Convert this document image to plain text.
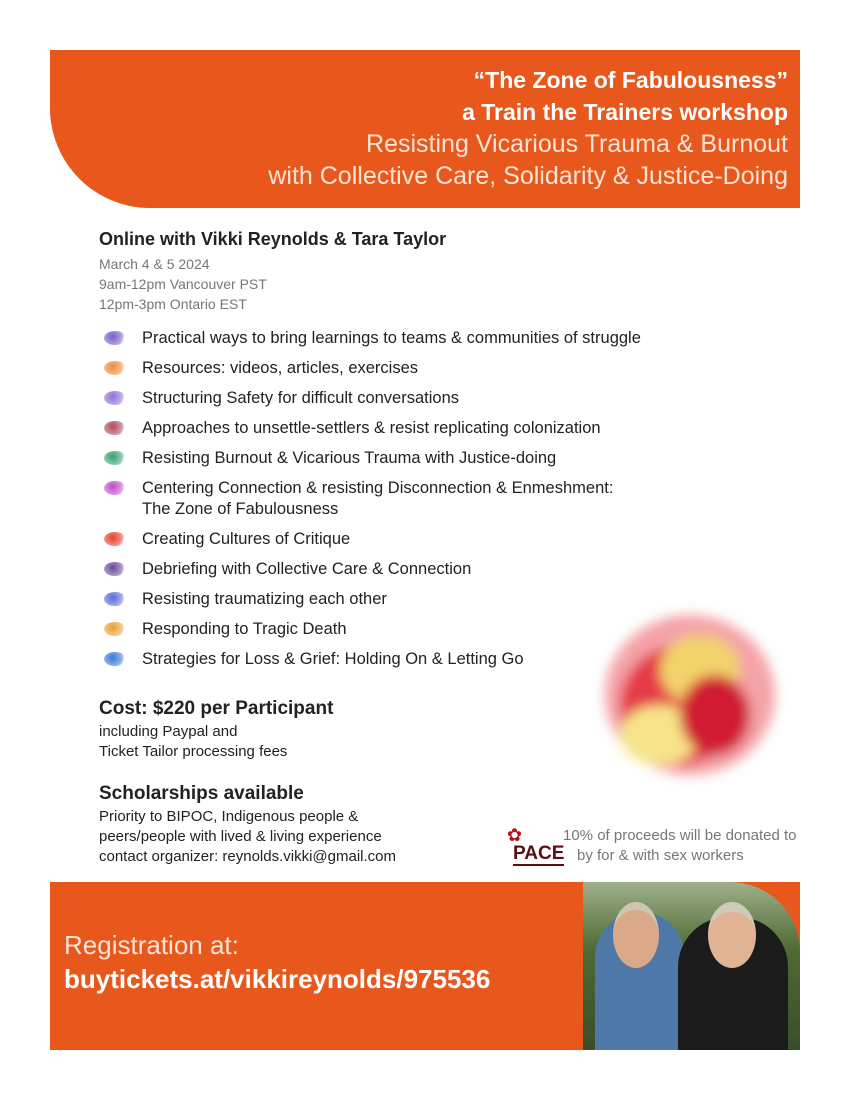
“The Zone of Fabulousness”
a Train the Trainers workshop
Resisting Vicarious Trauma & Burnout
with Collective Care, Solidarity & Justice-Doing
Online with Vikki Reynolds & Tara Taylor
March 4 & 5 2024
9am-12pm Vancouver PST
12pm-3pm Ontario EST
Practical ways to bring learnings to teams & communities of struggle
Resources: videos, articles, exercises
Structuring Safety for difficult conversations
Approaches to unsettle-settlers & resist replicating colonization
Resisting Burnout & Vicarious Trauma with Justice-doing
Centering Connection & resisting Disconnection & Enmeshment:
The Zone of Fabulousness
Creating Cultures of Critique
Debriefing with Collective Care & Connection
Resisting traumatizing each other
Responding to Tragic Death
Strategies for Loss & Grief: Holding On & Letting Go
Cost: $220 per Participant
including Paypal and
Ticket Tailor processing fees
Scholarships available
Priority to BIPOC, Indigenous people &
peers/people with lived & living experience
contact organizer: reynolds.vikki@gmail.com
✿
PACE
10% of proceeds will be donated to
by for & with sex workers
Registration at:
buytickets.at/vikkireynolds/975536
